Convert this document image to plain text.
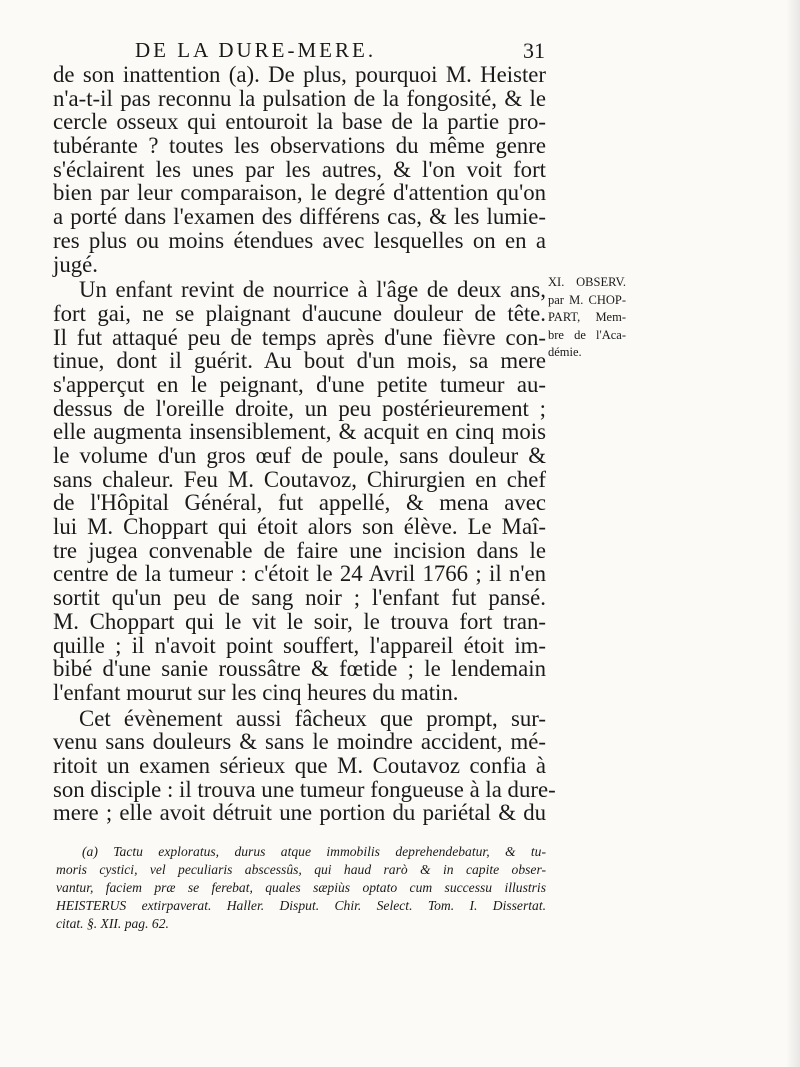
DE LA DURE-MERE.	31
de son inattention (a). De plus, pourquoi M. Heister
n'a-t-il pas reconnu la pulsation de la fongosité, & le
cercle osseux qui entouroit la base de la partie pro-
tubérante ? toutes les observations du même genre
s'éclairent les unes par les autres, & l'on voit fort
bien par leur comparaison, le degré d'attention qu'on
a porté dans l'examen des différens cas, & les lumie-
res plus ou moins étendues avec lesquelles on en a
jugé.
Un enfant revint de nourrice à l'âge de deux ans,
fort gai, ne se plaignant d'aucune douleur de tête.
Il fut attaqué peu de temps après d'une fièvre con-
tinue, dont il guérit. Au bout d'un mois, sa mere
s'apperçut en le peignant, d'une petite tumeur au-
dessus de l'oreille droite, un peu postérieurement ;
elle augmenta insensiblement, & acquit en cinq mois
le volume d'un gros œuf de poule, sans douleur &
sans chaleur. Feu M. Coutavoz, Chirurgien en chef
de l'Hôpital Général, fut appellé, & mena avec
lui M. Choppart qui étoit alors son élève. Le Maî-
tre jugea convenable de faire une incision dans le
centre de la tumeur : c'étoit le 24 Avril 1766 ; il n'en
sortit qu'un peu de sang noir ; l'enfant fut pansé.
M. Choppart qui le vit le soir, le trouva fort tran-
quille ; il n'avoit point souffert, l'appareil étoit im-
bibé d'une sanie roussâtre & fœtide ; le lendemain
l'enfant mourut sur les cinq heures du matin.
Cet évènement aussi fâcheux que prompt, sur-
venu sans douleurs & sans le moindre accident, mé-
ritoit un examen sérieux que M. Coutavoz confia à
son disciple : il trouva une tumeur fongueuse à la dure-
mere ; elle avoit détruit une portion du pariétal & du
XI. OBSERV.
par M. CHOP-
PART, Mem-
bre de l'Aca-
démie.
(a) Tactu exploratus, durus atque immobilis deprehendebatur, & tu-
moris cystici, vel peculiaris abscessûs, qui haud rarò & in capite obser-
vantur, faciem præ se ferebat, quales sæpiùs optato cum successu illustris
HEISTERUS extirpaverat. Haller. Disput. Chir. Select. Tom. I. Dissertat.
citat. §. XII. pag. 62.
